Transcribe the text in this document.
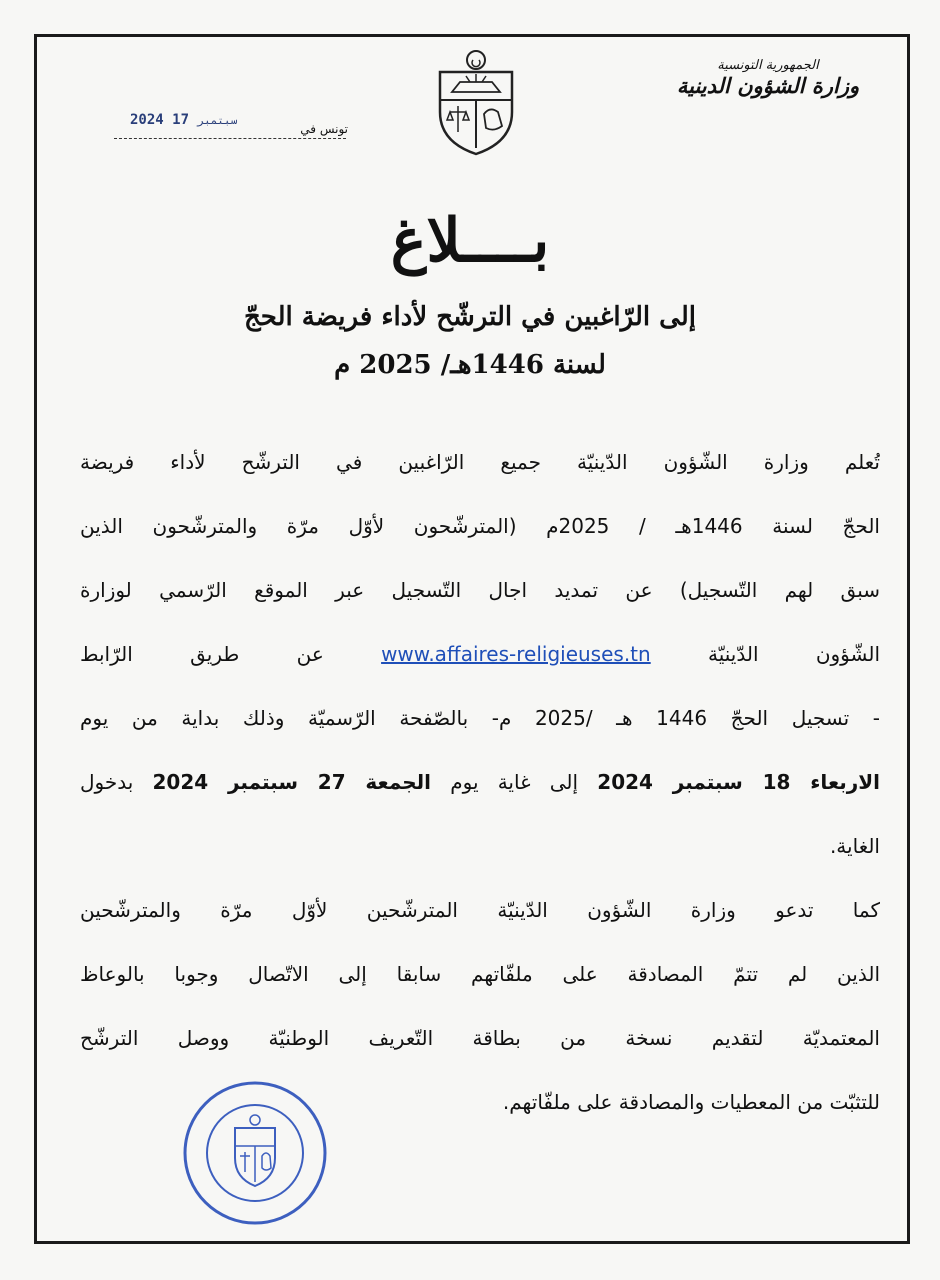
الجمهورية التونسية
وزارة الشؤون الدينية
2024	سبتمبر 17
تونس في
بــــلاغ
إلى الرّاغبين في الترشّح لأداء فريضة الحجّ
لسنة 1446هـ/ 2025 م
تُعلم وزارة الشّؤون الدّينيّة جميع الرّاغبين في الترشّح لأداء فريضة
الحجّ لسنة 1446هـ / 2025م (المترشّحون لأوّل مرّة والمترشّحون الذين
سبق لهم التّسجيل) عن تمديد اجال التّسجيل عبر الموقع الرّسمي لوزارة
الشّؤون الدّينيّة www.affaires-religieuses.tn عن طريق الرّابط
- تسجيل الحجّ 1446 هـ /2025 م- بالصّفحة الرّسميّة وذلك بداية من يوم
الاربعاء 18 سبتمبر 2024 إلى غاية يوم الجمعة 27 سبتمبر 2024 بدخول
الغاية.
كما تدعو وزارة الشّؤون الدّينيّة المترشّحين لأوّل مرّة والمترشّحين
الذين لم تتمّ المصادقة على ملفّاتهم سابقا إلى الاتّصال وجوبا بالوعاظ
المعتمديّة لتقديم نسخة من بطاقة التّعريف الوطنيّة ووصل الترشّح
للتثبّت من المعطيات والمصادقة على ملفّاتهم.
